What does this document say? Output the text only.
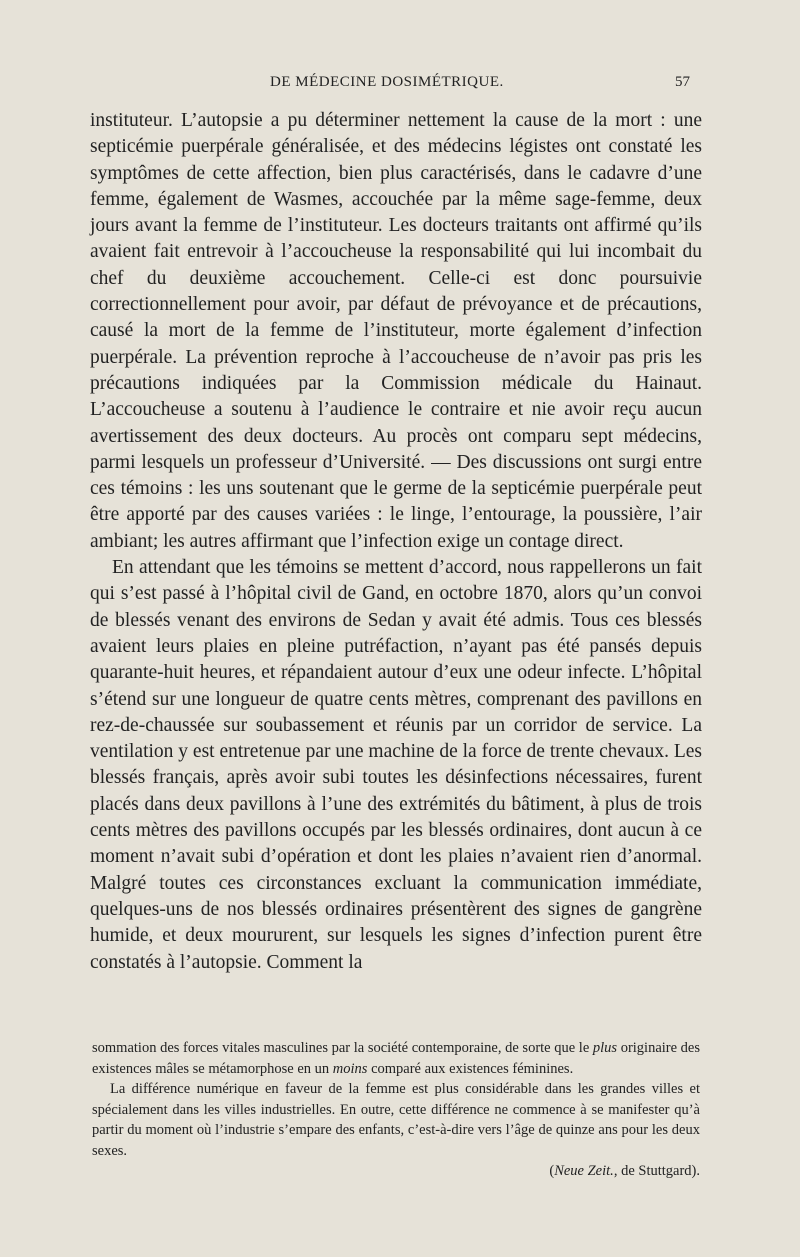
DE MÉDECINE DOSIMÉTRIQUE.	57

instituteur. L’autopsie a pu déterminer nettement la cause de la mort : une septicémie puerpérale généralisée, et des médecins légistes ont constaté les symptômes de cette affection, bien plus caractérisés, dans le cadavre d’une femme, également de Wasmes, accouchée par la même sage-femme, deux jours avant la femme de l’instituteur. Les docteurs traitants ont affirmé qu’ils avaient fait entrevoir à l’accoucheuse la responsabilité qui lui incombait du chef du deuxième accouchement. Celle-ci est donc poursuivie correctionnellement pour avoir, par défaut de prévoyance et de précautions, causé la mort de la femme de l’instituteur, morte également d’infection puerpérale. La prévention reproche à l’accoucheuse de n’avoir pas pris les précautions indiquées par la Commission médicale du Hainaut. L’accoucheuse a soutenu à l’audience le contraire et nie avoir reçu aucun avertissement des deux docteurs. Au procès ont comparu sept médecins, parmi lesquels un professeur d’Université. — Des discussions ont surgi entre ces témoins : les uns soutenant que le germe de la septicémie puerpérale peut être apporté par des causes variées : le linge, l’entourage, la poussière, l’air ambiant; les autres affirmant que l’infection exige un contage direct.

En attendant que les témoins se mettent d’accord, nous rappellerons un fait qui s’est passé à l’hôpital civil de Gand, en octobre 1870, alors qu’un convoi de blessés venant des environs de Sedan y avait été admis. Tous ces blessés avaient leurs plaies en pleine putréfaction, n’ayant pas été pansés depuis quarante-huit heures, et répandaient autour d’eux une odeur infecte. L’hôpital s’étend sur une longueur de quatre cents mètres, comprenant des pavillons en rez-de-chaussée sur soubassement et réunis par un corridor de service. La ventilation y est entretenue par une machine de la force de trente chevaux. Les blessés français, après avoir subi toutes les désinfections nécessaires, furent placés dans deux pavillons à l’une des extrémités du bâtiment, à plus de trois cents mètres des pavillons occupés par les blessés ordinaires, dont aucun à ce moment n’avait subi d’opération et dont les plaies n’avaient rien d’anormal. Malgré toutes ces circonstances excluant la communication immédiate, quelques-uns de nos blessés ordinaires présentèrent des signes de gangrène humide, et deux moururent, sur lesquels les signes d’infection purent être constatés à l’autopsie. Comment la

sommation des forces vitales masculines par la société contemporaine, de sorte que le plus originaire des existences mâles se métamorphose en un moins comparé aux existences féminines.

La différence numérique en faveur de la femme est plus considérable dans les grandes villes et spécialement dans les villes industrielles. En outre, cette différence ne commence à se manifester qu’à partir du moment où l’industrie s’empare des enfants, c’est-à-dire vers l’âge de quinze ans pour les deux sexes.

(Neue Zeit., de Stuttgard).
